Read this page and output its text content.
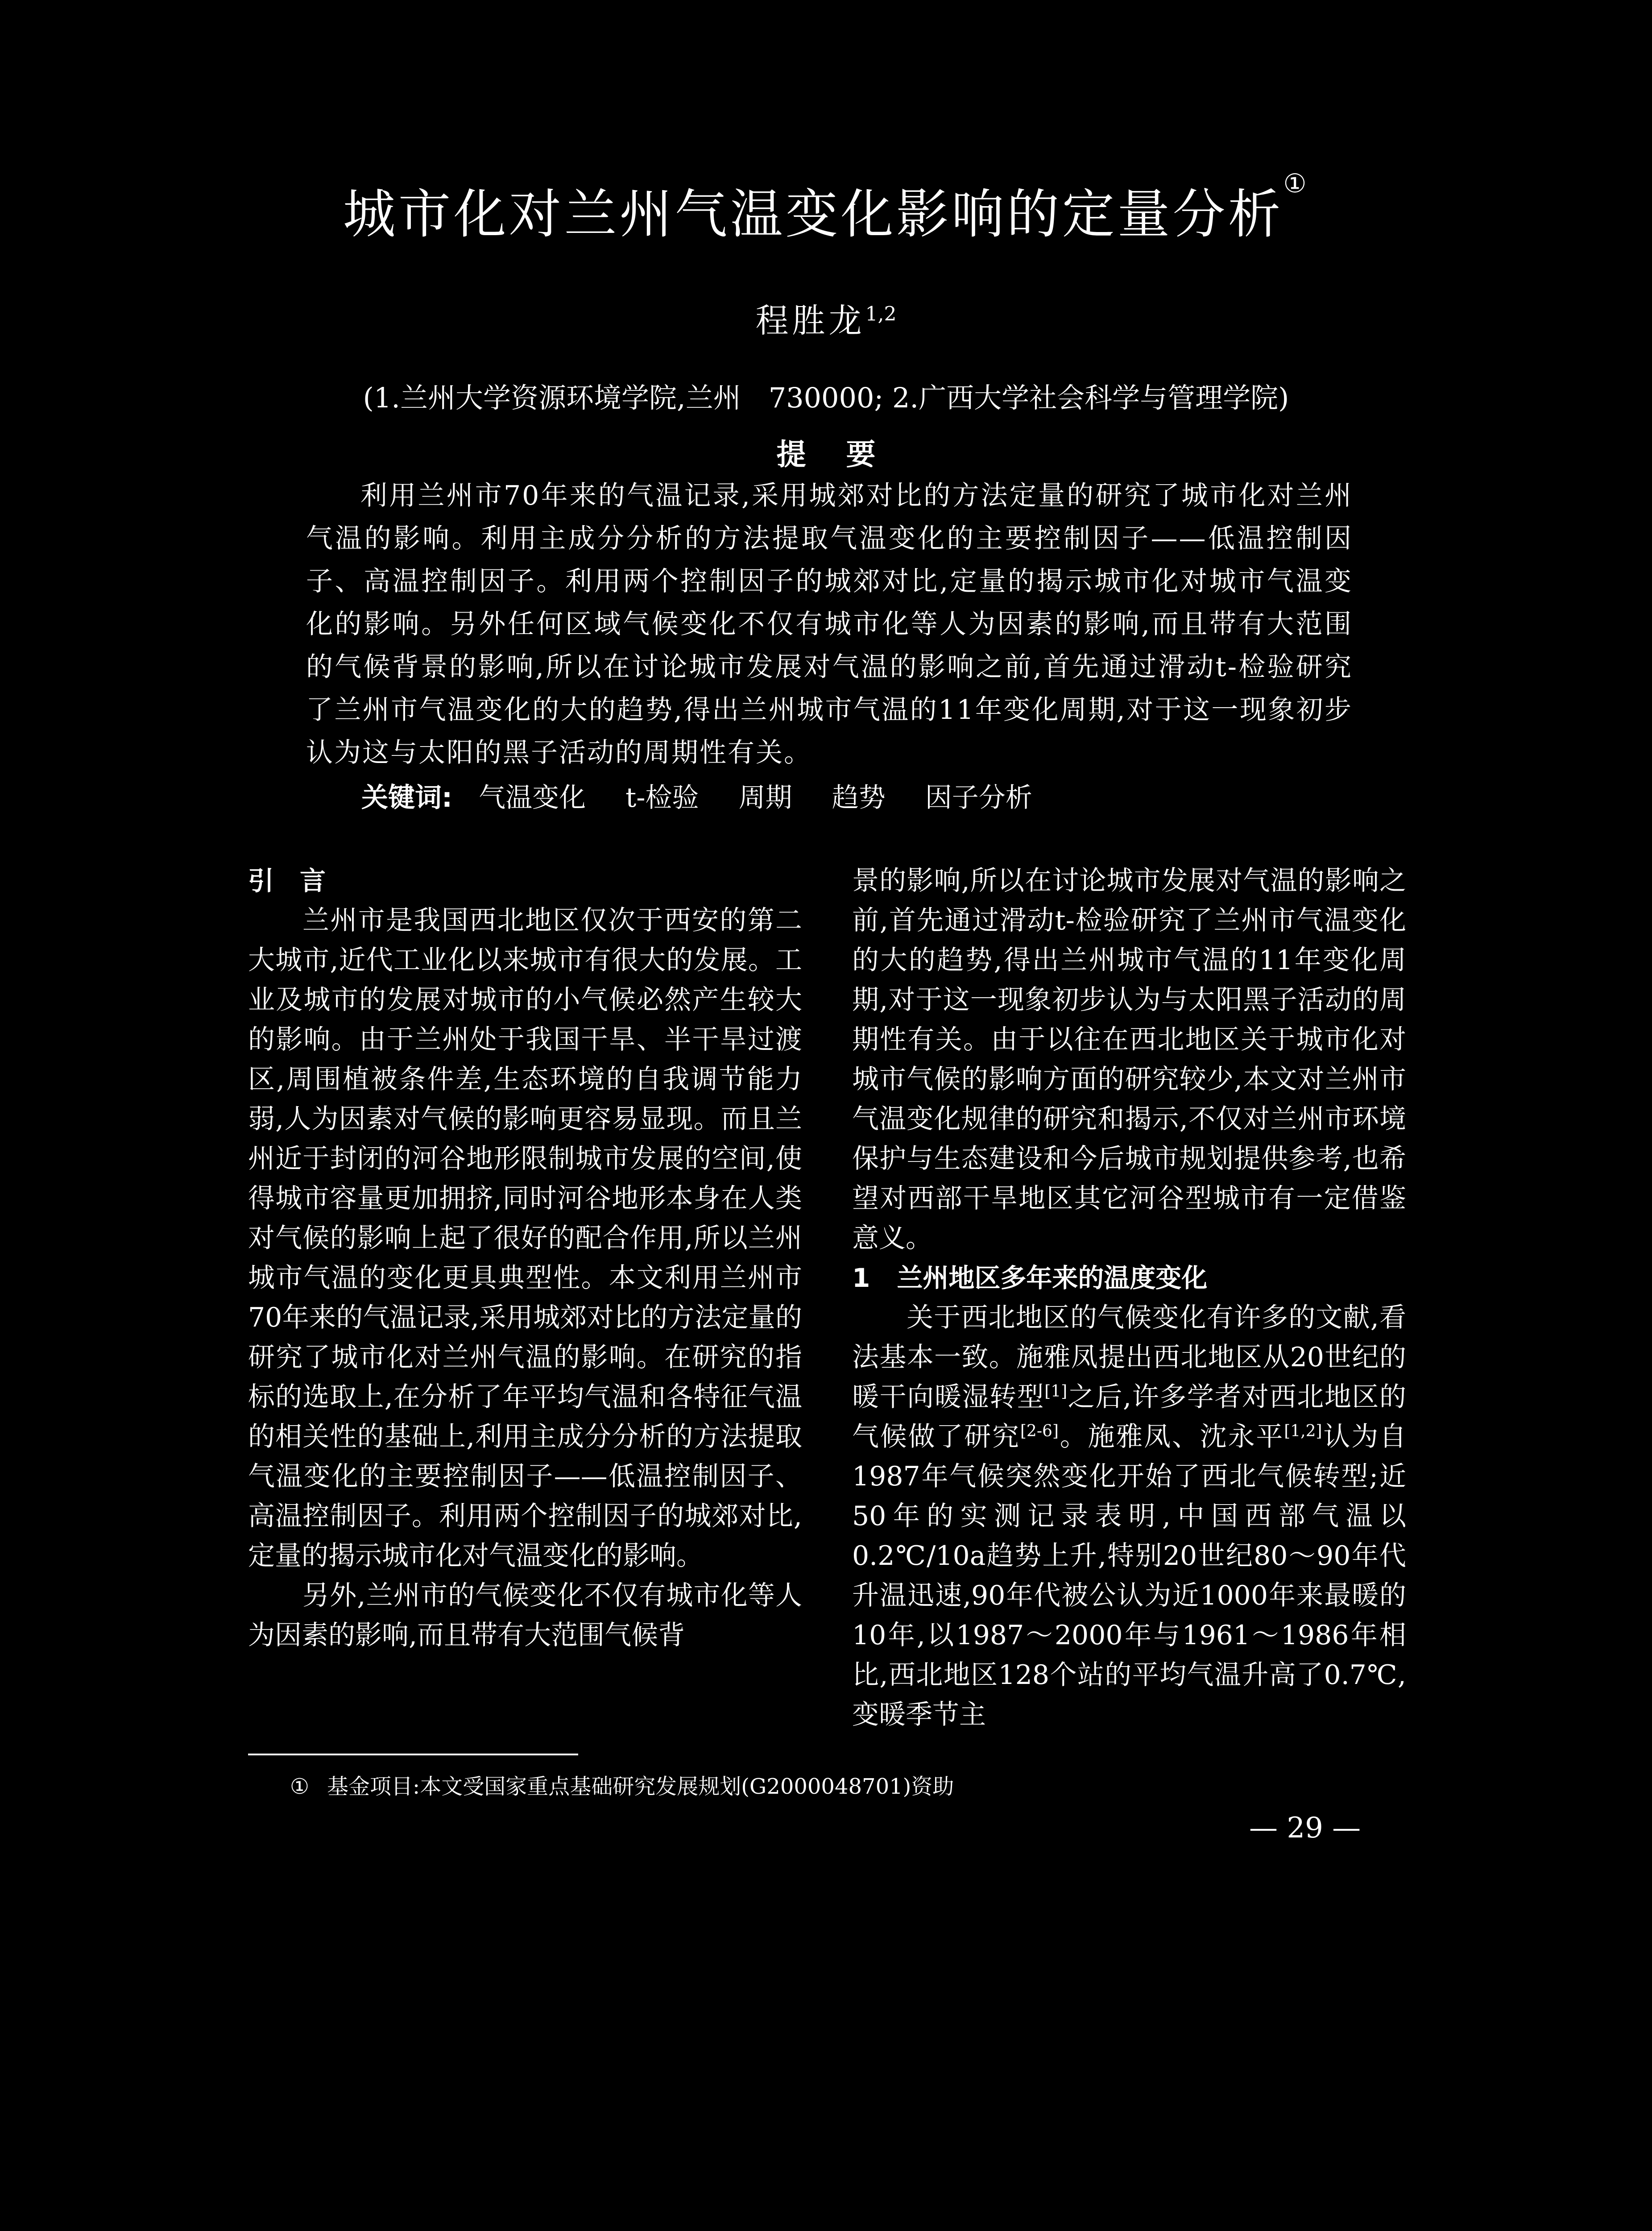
城市化对兰州气温变化影响的定量分析①
程胜龙$^{1,2}$
(1.兰州大学资源环境学院,兰州　730000; 2.广西大学社会科学与管理学院)
提要
利用兰州市70年来的气温记录,采用城郊对比的方法定量的研究了城市化对兰州气温的影响。利用主成分分析的方法提取气温变化的主要控制因子——低温控制因子、高温控制因子。利用两个控制因子的城郊对比,定量的揭示城市化对城市气温变化的影响。另外任何区域气候变化不仅有城市化等人为因素的影响,而且带有大范围的气候背景的影响,所以在讨论城市发展对气温的影响之前,首先通过滑动t-检验研究了兰州市气温变化的大的趋势,得出兰州城市气温的11年变化周期,对于这一现象初步认为这与太阳的黑子活动的周期性有关。
关键词: 气温变化 t-检验 周期 趋势 因子分析
引　言

兰州市是我国西北地区仅次于西安的第二大城市,近代工业化以来城市有很大的发展。工业及城市的发展对城市的小气候必然产生较大的影响。由于兰州处于我国干旱、半干旱过渡区,周围植被条件差,生态环境的自我调节能力弱,人为因素对气候的影响更容易显现。而且兰州近于封闭的河谷地形限制城市发展的空间,使得城市容量更加拥挤,同时河谷地形本身在人类对气候的影响上起了很好的配合作用,所以兰州城市气温的变化更具典型性。本文利用兰州市70年来的气温记录,采用城郊对比的方法定量的研究了城市化对兰州气温的影响。在研究的指标的选取上,在分析了年平均气温和各特征气温的相关性的基础上,利用主成分分析的方法提取气温变化的主要控制因子——低温控制因子、高温控制因子。利用两个控制因子的城郊对比,定量的揭示城市化对气温变化的影响。

另外,兰州市的气候变化不仅有城市化等人为因素的影响,而且带有大范围气候背

景的影响,所以在讨论城市发展对气温的影响之前,首先通过滑动t-检验研究了兰州市气温变化的大的趋势,得出兰州城市气温的11年变化周期,对于这一现象初步认为与太阳黑子活动的周期性有关。由于以往在西北地区关于城市化对城市气候的影响方面的研究较少,本文对兰州市气温变化规律的研究和揭示,不仅对兰州市环境保护与生态建设和今后城市规划提供参考,也希望对西部干旱地区其它河谷型城市有一定借鉴意义。

1 兰州地区多年来的温度变化

关于西北地区的气候变化有许多的文献,看法基本一致。施雅凤提出西北地区从20世纪的暖干向暖湿转型[1]之后,许多学者对西北地区的气候做了研究[2-6]。施雅凤、沈永平[1,2]认为自1987年气候突然变化开始了西北气候转型;近50年的实测记录表明,中国西部气温以0.2℃/10a趋势上升,特别20世纪80～90年代升温迅速,90年代被公认为近1000年来最暖的10年,以1987～2000年与1961～1986年相比,西北地区128个站的平均气温升高了0.7℃,变暖季节主

① 基金项目:本文受国家重点基础研究发展规划(G2000048701)资助
— 29 —
